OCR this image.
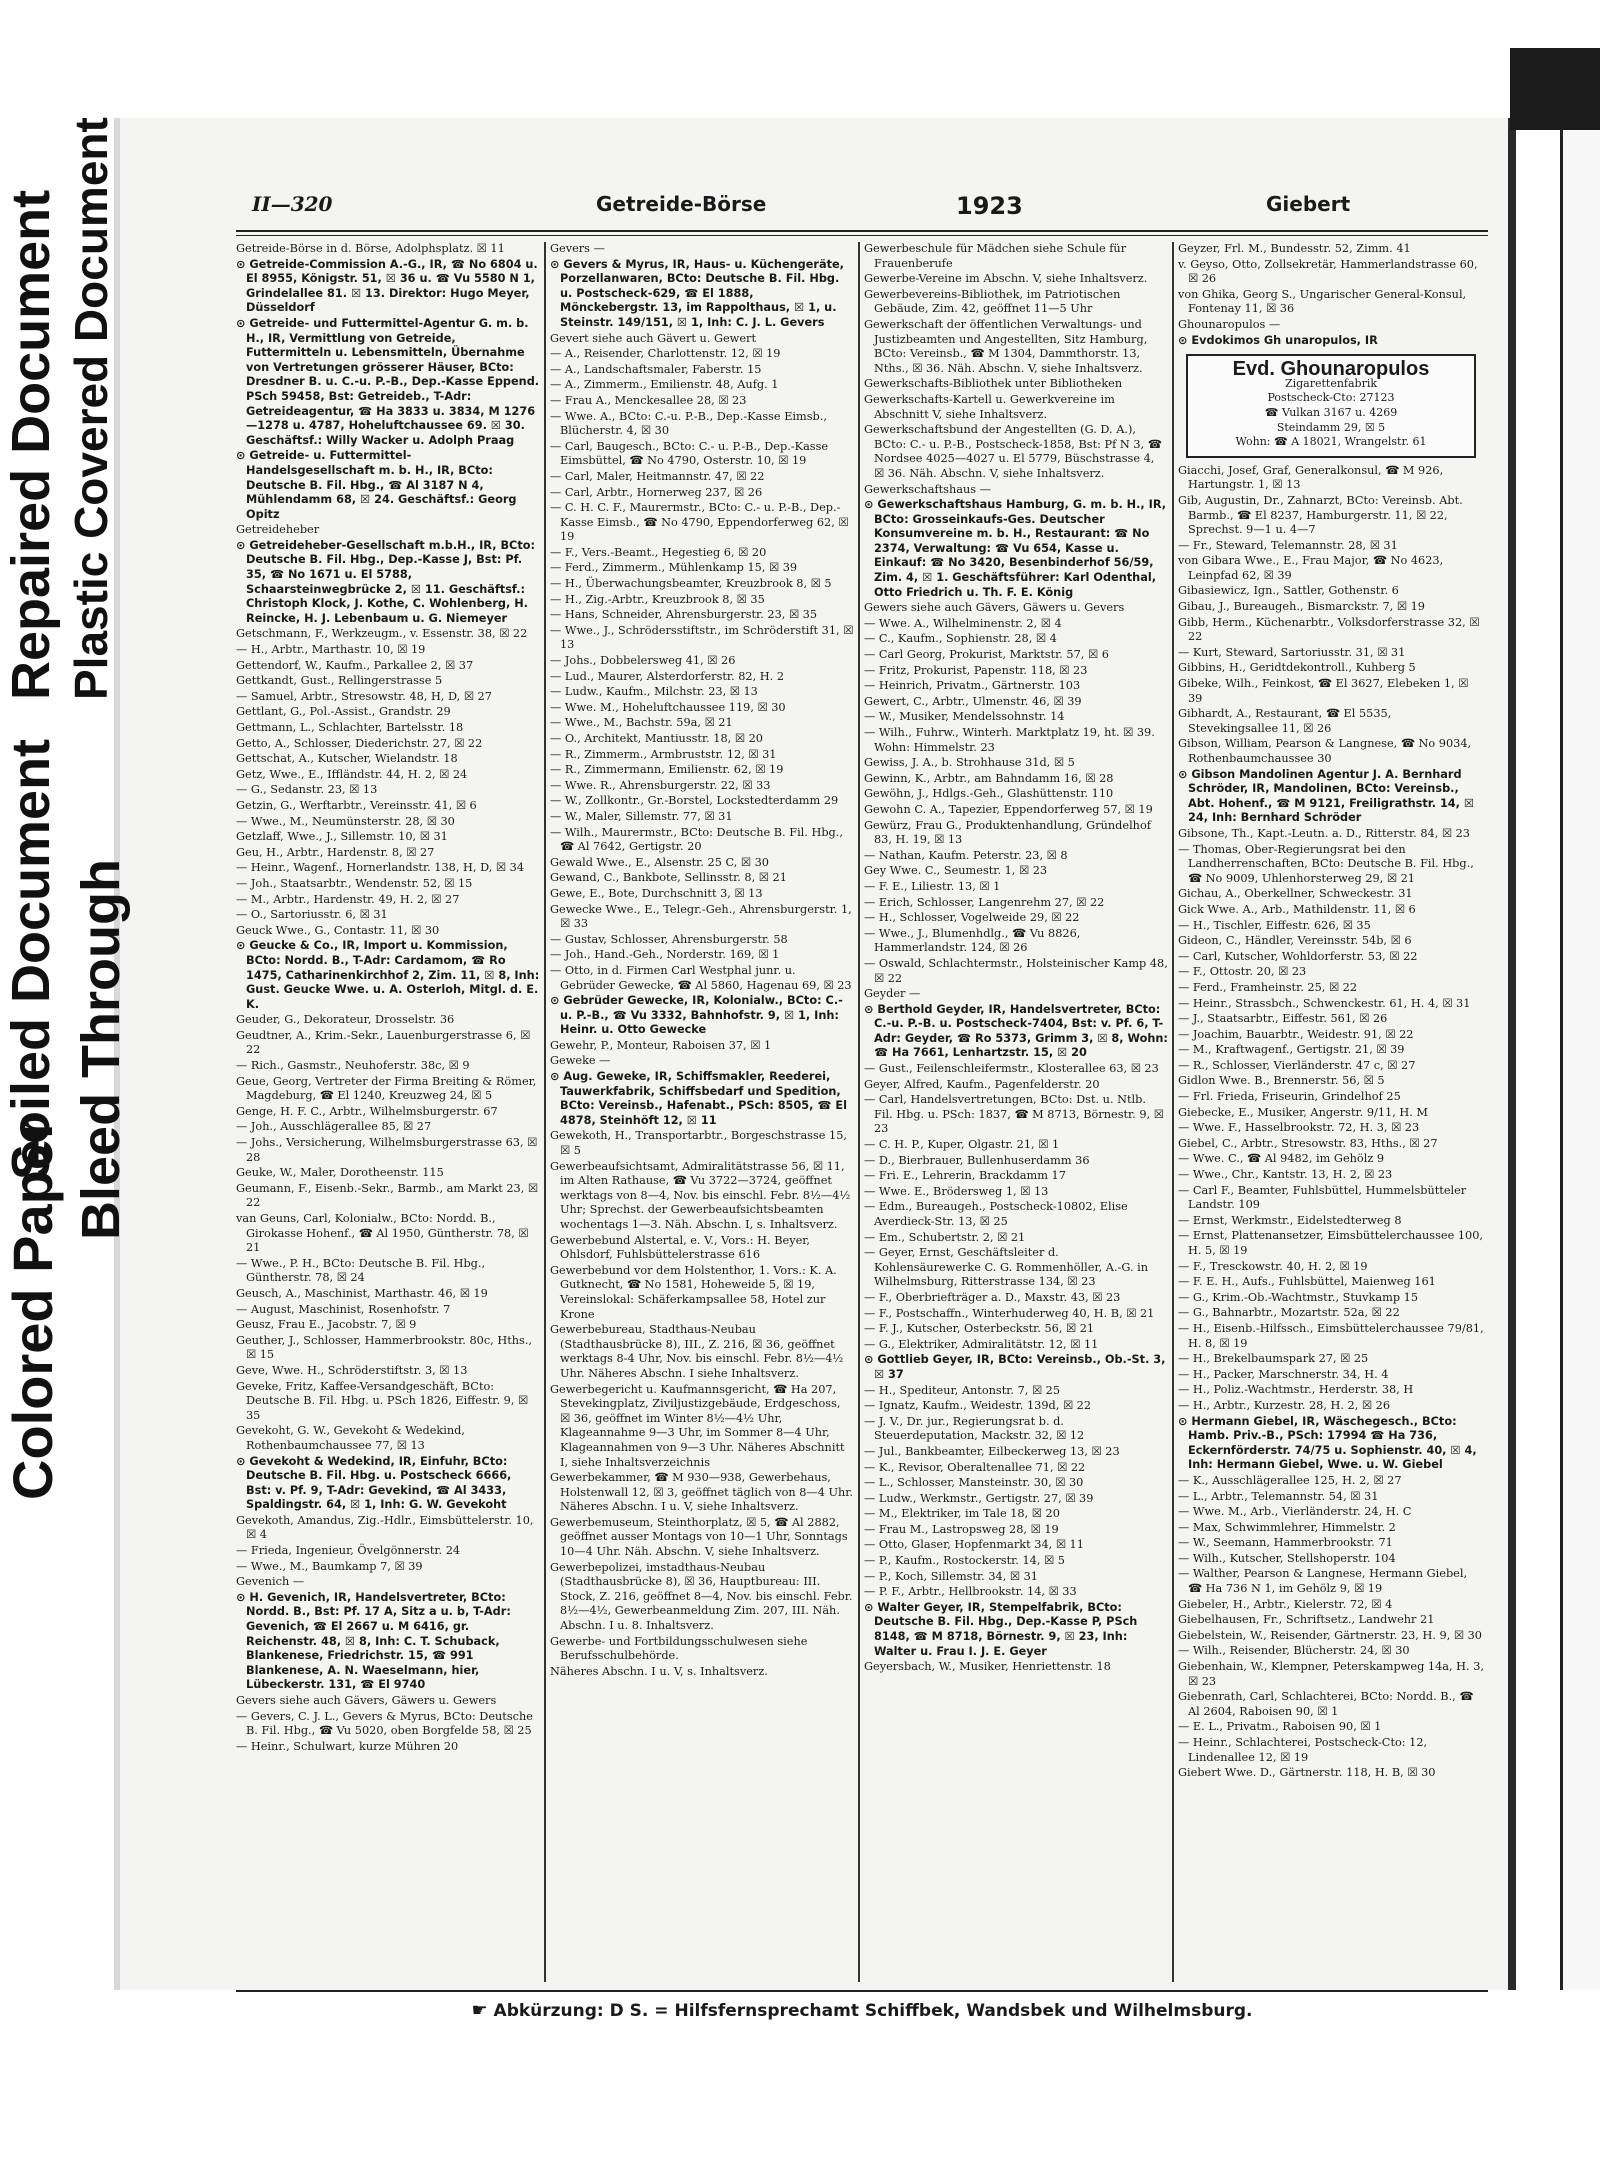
Repaired Document Plastic Covered Document
Colored Paper
Bleed Through
Soiled Document
II—320	Getreide-Börse	1923	Giebert

Getreide-Börse in d. Börse, Adolphsplatz. ☒ 11

⊙ Getreide-Commission A.-G., IR, ☎ No 6804 u. El 8955, Königstr. 51, ☒ 36 u. ☎ Vu 5580 N 1, Grindelallee 81. ☒ 13. Direktor: Hugo Meyer, Düsseldorf

⊙ Getreide- und Futtermittel-Agentur G. m. b. H., IR, Vermittlung von Getreide, Futtermitteln u. Lebensmitteln, Übernahme von Vertretungen grösserer Häuser, BCto: Dresdner B. u. C.-u. P.-B., Dep.-Kasse Eppend. PSch 59458, Bst: Getreideb., T-Adr: Getreideagentur, ☎ Ha 3833 u. 3834, M 1276—1278 u. 4787, Hoheluftchaussee 69. ☒ 30. Geschäftsf.: Willy Wacker u. Adolph Praag

⊙ Getreide- u. Futtermittel-Handelsgesellschaft m. b. H., IR, BCto: Deutsche B. Fil. Hbg., ☎ Al 3187 N 4, Mühlendamm 68, ☒ 24. Geschäftsf.: Georg Opitz

Getreideheber

⊙ Getreideheber-Gesellschaft m.b.H., IR, BCto: Deutsche B. Fil. Hbg., Dep.-Kasse J, Bst: Pf. 35, ☎ No 1671 u. El 5788, Schaarsteinwegbrücke 2, ☒ 11. Geschäftsf.: Christoph Klock, J. Kothe, C. Wohlenberg, H. Reincke, H. J. Lebenbaum u. G. Niemeyer

Getschmann, F., Werkzeugm., v. Essenstr. 38, ☒ 22

— H., Arbtr., Marthastr. 10, ☒ 19

Gettendorf, W., Kaufm., Parkallee 2, ☒ 37

Gettkandt, Gust., Rellingerstrasse 5

— Samuel, Arbtr., Stresowstr. 48, H, D, ☒ 27

Gettlant, G., Pol.-Assist., Grandstr. 29

Gettmann, L., Schlachter, Bartelsstr. 18

Getto, A., Schlosser, Diederichstr. 27, ☒ 22

Gettschat, A., Kutscher, Wielandstr. 18

Getz, Wwe., E., Iffländstr. 44, H. 2, ☒ 24

— G., Sedanstr. 23, ☒ 13

Getzin, G., Werftarbtr., Vereinsstr. 41, ☒ 6

— Wwe., M., Neumünsterstr. 28, ☒ 30

Getzlaff, Wwe., J., Sillemstr. 10, ☒ 31

Geu, H., Arbtr., Hardenstr. 8, ☒ 27

— Heinr., Wagenf., Hornerlandstr. 138, H, D, ☒ 34

— Joh., Staatsarbtr., Wendenstr. 52, ☒ 15

— M., Arbtr., Hardenstr. 49, H. 2, ☒ 27

— O., Sartoriusstr. 6, ☒ 31

Geuck Wwe., G., Contastr. 11, ☒ 30

⊙ Geucke & Co., IR, Import u. Kommission, BCto: Nordd. B., T-Adr: Cardamom, ☎ Ro 1475, Catharinenkirchhof 2, Zim. 11, ☒ 8, Inh: Gust. Geucke Wwe. u. A. Osterloh, Mitgl. d. E. K.

Geuder, G., Dekorateur, Drosselstr. 36

Geudtner, A., Krim.-Sekr., Lauenburgerstrasse 6, ☒ 22

— Rich., Gasmstr., Neuhoferstr. 38c, ☒ 9

Geue, Georg, Vertreter der Firma Breiting & Römer, Magdeburg, ☎ El 1240, Kreuzweg 24, ☒ 5

Genge, H. F. C., Arbtr., Wilhelmsburgerstr. 67

— Joh., Ausschlägerallee 85, ☒ 27

— Johs., Versicherung, Wilhelmsburgerstrasse 63, ☒ 28

Geuke, W., Maler, Dorotheenstr. 115

Geumann, F., Eisenb.-Sekr., Barmb., am Markt 23, ☒ 22

van Geuns, Carl, Kolonialw., BCto: Nordd. B., Girokasse Hohenf., ☎ Al 1950, Güntherstr. 78, ☒ 21

— Wwe., P. H., BCto: Deutsche B. Fil. Hbg., Güntherstr. 78, ☒ 24

Geusch, A., Maschinist, Marthastr. 46, ☒ 19

— August, Maschinist, Rosenhofstr. 7

Geusz, Frau E., Jacobstr. 7, ☒ 9

Geuther, J., Schlosser, Hammerbrookstr. 80c, Hths., ☒ 15

Geve, Wwe. H., Schröderstiftstr. 3, ☒ 13

Geveke, Fritz, Kaffee-Versandgeschäft, BCto: Deutsche B. Fil. Hbg. u. PSch 1826, Eiffestr. 9, ☒ 35

Gevekoht, G. W., Gevekoht & Wedekind, Rothenbaumchaussee 77, ☒ 13

⊙ Gevekoht & Wedekind, IR, Einfuhr, BCto: Deutsche B. Fil. Hbg. u. Postscheck 6666, Bst: v. Pf. 9, T-Adr: Gevekind, ☎ Al 3433, Spaldingstr. 64, ☒ 1, Inh: G. W. Gevekoht

Gevekoth, Amandus, Zig.-Hdlr., Eimsbüttelerstr. 10, ☒ 4

— Frieda, Ingenieur, Övelgönnerstr. 24

— Wwe., M., Baumkamp 7, ☒ 39

Gevenich —

⊙ H. Gevenich, IR, Handelsvertreter, BCto: Nordd. B., Bst: Pf. 17 A, Sitz a u. b, T-Adr: Gevenich, ☎ El 2667 u. M 6416, gr. Reichenstr. 48, ☒ 8, Inh: C. T. Schuback, Blankenese, Friedrichstr. 15, ☎ 991 Blankenese, A. N. Waeselmann, hier, Lübeckerstr. 131, ☎ El 9740

Gevers siehe auch Gävers, Gäwers u. Gewers

— Gevers, C. J. L., Gevers & Myrus, BCto: Deutsche B. Fil. Hbg., ☎ Vu 5020, oben Borgfelde 58, ☒ 25

— Heinr., Schulwart, kurze Mühren 20

Gevers —

⊙ Gevers & Myrus, IR, Haus- u. Küchengeräte, Porzellanwaren, BCto: Deutsche B. Fil. Hbg. u. Postscheck-629, ☎ El 1888, Mönckebergstr. 13, im Rappolthaus, ☒ 1, u. Steinstr. 149/151, ☒ 1, Inh: C. J. L. Gevers

Gevert siehe auch Gävert u. Gewert

— A., Reisender, Charlottenstr. 12, ☒ 19

— A., Landschaftsmaler, Faberstr. 15

— A., Zimmerm., Emilienstr. 48, Aufg. 1

— Frau A., Menckesallee 28, ☒ 23

— Wwe. A., BCto: C.-u. P.-B., Dep.-Kasse Eimsb., Blücherstr. 4, ☒ 30

— Carl, Baugesch., BCto: C.- u. P.-B., Dep.-Kasse Eimsbüttel, ☎ No 4790, Osterstr. 10, ☒ 19

— Carl, Maler, Heitmannstr. 47, ☒ 22

— Carl, Arbtr., Hornerweg 237, ☒ 26

— C. H. C. F., Maurermstr., BCto: C.- u. P.-B., Dep.-Kasse Eimsb., ☎ No 4790, Eppendorferweg 62, ☒ 19

— F., Vers.-Beamt., Hegestieg 6, ☒ 20

— Ferd., Zimmerm., Mühlenkamp 15, ☒ 39

— H., Überwachungsbeamter, Kreuzbrook 8, ☒ 5

— H., Zig.-Arbtr., Kreuzbrook 8, ☒ 35

— Hans, Schneider, Ahrensburgerstr. 23, ☒ 35

— Wwe., J., Schrödersstiftstr., im Schröderstift 31, ☒ 13

— Johs., Dobbelersweg 41, ☒ 26

— Lud., Maurer, Alsterdorferstr. 82, H. 2

— Ludw., Kaufm., Milchstr. 23, ☒ 13

— Wwe. M., Hoheluftchaussee 119, ☒ 30

— Wwe., M., Bachstr. 59a, ☒ 21

— O., Architekt, Mantiusstr. 18, ☒ 20

— R., Zimmerm., Armbruststr. 12, ☒ 31

— R., Zimmermann, Emilienstr. 62, ☒ 19

— Wwe. R., Ahrensburgerstr. 22, ☒ 33

— W., Zollkontr., Gr.-Borstel, Lockstedterdamm 29

— W., Maler, Sillemstr. 77, ☒ 31

— Wilh., Maurermstr., BCto: Deutsche B. Fil. Hbg., ☎ Al 7642, Gertigstr. 20

Gewald Wwe., E., Alsenstr. 25 C, ☒ 30

Gewand, C., Bankbote, Sellinsstr. 8, ☒ 21

Gewe, E., Bote, Durchschnitt 3, ☒ 13

Gewecke Wwe., E., Telegr.-Geh., Ahrensburgerstr. 1, ☒ 33

— Gustav, Schlosser, Ahrensburgerstr. 58

— Joh., Hand.-Geh., Norderstr. 169, ☒ 1

— Otto, in d. Firmen Carl Westphal junr. u. Gebrüder Gewecke, ☎ Al 5860, Hagenau 69, ☒ 23

⊙ Gebrüder Gewecke, IR, Kolonialw., BCto: C.- u. P.-B., ☎ Vu 3332, Bahnhofstr. 9, ☒ 1, Inh: Heinr. u. Otto Gewecke

Gewehr, P., Monteur, Raboisen 37, ☒ 1

Geweke —

⊙ Aug. Geweke, IR, Schiffsmakler, Reederei, Tauwerkfabrik, Schiffsbedarf und Spedition, BCto: Vereinsb., Hafenabt., PSch: 8505, ☎ El 4878, Steinhöft 12, ☒ 11

Gewekoth, H., Transportarbtr., Borgeschstrasse 15, ☒ 5

Gewerbeaufsichtsamt, Admiralitätstrasse 56, ☒ 11, im Alten Rathause, ☎ Vu 3722—3724, geöffnet werktags von 8—4, Nov. bis einschl. Febr. 8½—4½ Uhr; Sprechst. der Gewerbeaufsichtsbeamten wochentags 1—3. Näh. Abschn. I, s. Inhaltsverz.

Gewerbebund Alstertal, e. V., Vors.: H. Beyer, Ohlsdorf, Fuhlsbüttelerstrasse 616

Gewerbebund vor dem Holstenthor, 1. Vors.: K. A. Gutknecht, ☎ No 1581, Hoheweide 5, ☒ 19, Vereinslokal: Schäferkampsallee 58, Hotel zur Krone

Gewerbebureau, Stadthaus-Neubau (Stadthausbrücke 8), III., Z. 216, ☒ 36, geöffnet werktags 8-4 Uhr, Nov. bis einschl. Febr. 8½—4½ Uhr. Näheres Abschn. I siehe Inhaltsverz.

Gewerbegericht u. Kaufmannsgericht, ☎ Ha 207, Stevekingplatz, Ziviljustizgebäude, Erdgeschoss, ☒ 36, geöffnet im Winter 8½—4½ Uhr, Klageannahme 9—3 Uhr, im Sommer 8—4 Uhr, Klageannahmen von 9—3 Uhr. Näheres Abschnitt I, siehe Inhaltsverzeichnis

Gewerbekammer, ☎ M 930—938, Gewerbehaus, Holstenwall 12, ☒ 3, geöffnet täglich von 8—4 Uhr. Näheres Abschn. I u. V, siehe Inhaltsverz.

Gewerbemuseum, Steinthorplatz, ☒ 5, ☎ Al 2882, geöffnet ausser Montags von 10—1 Uhr, Sonntags 10—4 Uhr. Näh. Abschn. V, siehe Inhaltsverz.

Gewerbepolizei, imstadthaus-Neubau (Stadthausbrücke 8), ☒ 36, Hauptbureau: III. Stock, Z. 216, geöffnet 8—4, Nov. bis einschl. Febr. 8½—4½, Gewerbeanmeldung Zim. 207, III. Näh. Abschn. I u. 8. Inhaltsverz.

Gewerbe- und Fortbildungsschulwesen siehe Berufsschulbehörde.

Näheres Abschn. I u. V, s. Inhaltsverz.

Gewerbeschule für Mädchen siehe Schule für Frauenberufe

Gewerbe-Vereine im Abschn. V, siehe Inhaltsverz.

Gewerbevereins-Bibliothek, im Patriotischen Gebäude, Zim. 42, geöffnet 11—5 Uhr

Gewerkschaft der öffentlichen Verwaltungs- und Justizbeamten und Angestellten, Sitz Hamburg, BCto: Vereinsb., ☎ M 1304, Dammthorstr. 13, Nths., ☒ 36. Näh. Abschn. V, siehe Inhaltsverz.

Gewerkschafts-Bibliothek unter Bibliotheken

Gewerkschafts-Kartell u. Gewerkvereine im Abschnitt V, siehe Inhaltsverz.

Gewerkschaftsbund der Angestellten (G. D. A.), BCto: C.- u. P.-B., Postscheck-1858, Bst: Pf N 3, ☎ Nordsee 4025—4027 u. El 5779, Büschstrasse 4, ☒ 36. Näh. Abschn. V, siehe Inhaltsverz.

Gewerkschaftshaus —

⊙ Gewerkschaftshaus Hamburg, G. m. b. H., IR, BCto: Grosseinkaufs-Ges. Deutscher Konsumvereine m. b. H., Restaurant: ☎ No 2374, Verwaltung: ☎ Vu 654, Kasse u. Einkauf: ☎ No 3420, Besenbinderhof 56/59, Zim. 4, ☒ 1. Geschäftsführer: Karl Odenthal, Otto Friedrich u. Th. F. E. König

Gewers siehe auch Gävers, Gäwers u. Gevers

— Wwe. A., Wilhelminenstr. 2, ☒ 4

— C., Kaufm., Sophienstr. 28, ☒ 4

— Carl Georg, Prokurist, Marktstr. 57, ☒ 6

— Fritz, Prokurist, Papenstr. 118, ☒ 23

— Heinrich, Privatm., Gärtnerstr. 103

Gewert, C., Arbtr., Ulmenstr. 46, ☒ 39

— W., Musiker, Mendelssohnstr. 14

— Wilh., Fuhrw., Winterh. Marktplatz 19, ht. ☒ 39. Wohn: Himmelstr. 23

Gewiss, J. A., b. Strohhause 31d, ☒ 5

Gewinn, K., Arbtr., am Bahndamm 16, ☒ 28

Gewöhn, J., Hdlgs.-Geh., Glashüttenstr. 110

Gewohn C. A., Tapezier, Eppendorferweg 57, ☒ 19

Gewürz, Frau G., Produktenhandlung, Gründelhof 83, H. 19, ☒ 13

— Nathan, Kaufm. Peterstr. 23, ☒ 8

Gey Wwe. C., Seumestr. 1, ☒ 23

— F. E., Liliestr. 13, ☒ 1

— Erich, Schlosser, Langenrehm 27, ☒ 22

— H., Schlosser, Vogelweide 29, ☒ 22

— Wwe., J., Blumenhdlg., ☎ Vu 8826, Hammerlandstr. 124, ☒ 26

— Oswald, Schlachtermstr., Holsteinischer Kamp 48, ☒ 22

Geyder —

⊙ Berthold Geyder, IR, Handelsvertreter, BCto: C.-u. P.-B. u. Postscheck-7404, Bst: v. Pf. 6, T-Adr: Geyder, ☎ Ro 5373, Grimm 3, ☒ 8, Wohn: ☎ Ha 7661, Lenhartzstr. 15, ☒ 20

— Gust., Feilenschleifermstr., Klosterallee 63, ☒ 23

Geyer, Alfred, Kaufm., Pagenfelderstr. 20

— Carl, Handelsvertretungen, BCto: Dst. u. Ntlb. Fil. Hbg. u. PSch: 1837, ☎ M 8713, Börnestr. 9, ☒ 23

— C. H. P., Kuper, Olgastr. 21, ☒ 1

— D., Bierbrauer, Bullenhuserdamm 36

— Fri. E., Lehrerin, Brackdamm 17

— Wwe. E., Brödersweg 1, ☒ 13

— Edm., Bureaugeh., Postscheck-10802, Elise Averdieck-Str. 13, ☒ 25

— Em., Schubertstr. 2, ☒ 21

— Geyer, Ernst, Geschäftsleiter d. Kohlensäurewerke C. G. Rommenhöller, A.-G. in Wilhelmsburg, Ritterstrasse 134, ☒ 23

— F., Oberbriefträger a. D., Maxstr. 43, ☒ 23

— F., Postschaffn., Winterhuderweg 40, H. B, ☒ 21

— F. J., Kutscher, Osterbeckstr. 56, ☒ 21

— G., Elektriker, Admiralitätstr. 12, ☒ 11

⊙ Gottlieb Geyer, IR, BCto: Vereinsb., Ob.-St. 3, ☒ 37

— H., Spediteur, Antonstr. 7, ☒ 25

— Ignatz, Kaufm., Weidestr. 139d, ☒ 22

— J. V., Dr. jur., Regierungsrat b. d. Steuerdeputation, Mackstr. 32, ☒ 12

— Jul., Bankbeamter, Eilbeckerweg 13, ☒ 23

— K., Revisor, Oberaltenallee 71, ☒ 22

— L., Schlosser, Mansteinstr. 30, ☒ 30

— Ludw., Werkmstr., Gertigstr. 27, ☒ 39

— M., Elektriker, im Tale 18, ☒ 20

— Frau M., Lastropsweg 28, ☒ 19

— Otto, Glaser, Hopfenmarkt 34, ☒ 11

— P., Kaufm., Rostockerstr. 14, ☒ 5

— P., Koch, Sillemstr. 34, ☒ 31

— P. F., Arbtr., Hellbrookstr. 14, ☒ 33

⊙ Walter Geyer, IR, Stempelfabrik, BCto: Deutsche B. Fil. Hbg., Dep.-Kasse P, PSch 8148, ☎ M 8718, Börnestr. 9, ☒ 23, Inh: Walter u. Frau I. J. E. Geyer

Geyersbach, W., Musiker, Henriettenstr. 18

Geyzer, Frl. M., Bundesstr. 52, Zimm. 41

v. Geyso, Otto, Zollsekretär, Hammerlandstrasse 60, ☒ 26

von Ghika, Georg S., Ungarischer General-Konsul, Fontenay 11, ☒ 36

Ghounaropulos —

⊙ Evdokimos Gh unaropulos, IR

Evd. Ghounaropulos
Zigarettenfabrik
Postscheck-Cto: 27123
☎ Vulkan 3167 u. 4269
Steindamm 29, ☒ 5
Wohn: ☎ A 18021, Wrangelstr. 61

Giacchi, Josef, Graf, Generalkonsul, ☎ M 926, Hartungstr. 1, ☒ 13

Gib, Augustin, Dr., Zahnarzt, BCto: Vereinsb. Abt. Barmb., ☎ El 8237, Hamburgerstr. 11, ☒ 22, Sprechst. 9—1 u. 4—7

— Fr., Steward, Telemannstr. 28, ☒ 31

von Gibara Wwe., E., Frau Major, ☎ No 4623, Leinpfad 62, ☒ 39

Gibasiewicz, Ign., Sattler, Gothenstr. 6

Gibau, J., Bureaugeh., Bismarckstr. 7, ☒ 19

Gibb, Herm., Küchenarbtr., Volksdorferstrasse 32, ☒ 22

— Kurt, Steward, Sartoriusstr. 31, ☒ 31

Gibbins, H., Geridtdekontroll., Kuhberg 5

Gibeke, Wilh., Feinkost, ☎ El 3627, Elebeken 1, ☒ 39

Gibhardt, A., Restaurant, ☎ El 5535, Stevekingsallee 11, ☒ 26

Gibson, William, Pearson & Langnese, ☎ No 9034, Rothenbaumchaussee 30

⊙ Gibson Mandolinen Agentur J. A. Bernhard Schröder, IR, Mandolinen, BCto: Vereinsb., Abt. Hohenf., ☎ M 9121, Freiligrathstr. 14, ☒ 24, Inh: Bernhard Schröder

Gibsone, Th., Kapt.-Leutn. a. D., Ritterstr. 84, ☒ 23

— Thomas, Ober-Regierungsrat bei den Landherrenschaften, BCto: Deutsche B. Fil. Hbg., ☎ No 9009, Uhlenhorsterweg 29, ☒ 21

Gichau, A., Oberkellner, Schweckestr. 31

Gick Wwe. A., Arb., Mathildenstr. 11, ☒ 6

— H., Tischler, Eiffestr. 626, ☒ 35

Gideon, C., Händler, Vereinsstr. 54b, ☒ 6

— Carl, Kutscher, Wohldorferstr. 53, ☒ 22

— F., Ottostr. 20, ☒ 23

— Ferd., Framheinstr. 25, ☒ 22

— Heinr., Strassbch., Schwenckestr. 61, H. 4, ☒ 31

— J., Staatsarbtr., Eiffestr. 561, ☒ 26

— Joachim, Bauarbtr., Weidestr. 91, ☒ 22

— M., Kraftwagenf., Gertigstr. 21, ☒ 39

— R., Schlosser, Vierländerstr. 47 c, ☒ 27

Gidlon Wwe. B., Brennerstr. 56, ☒ 5

— Frl. Frieda, Friseurin, Grindelhof 25

Giebecke, E., Musiker, Angerstr. 9/11, H. M

— Wwe. F., Hasselbrookstr. 72, H. 3, ☒ 23

Giebel, C., Arbtr., Stresowstr. 83, Hths., ☒ 27

— Wwe. C., ☎ Al 9482, im Gehölz 9

— Wwe., Chr., Kantstr. 13, H. 2, ☒ 23

— Carl F., Beamter, Fuhlsbüttel, Hummelsbütteler Landstr. 109

— Ernst, Werkmstr., Eidelstedterweg 8

— Ernst, Plattenansetzer, Eimsbüttelerchaussee 100, H. 5, ☒ 19

— F., Tresckowstr. 40, H. 2, ☒ 19

— F. E. H., Aufs., Fuhlsbüttel, Maienweg 161

— G., Krim.-Ob.-Wachtmstr., Stuvkamp 15

— G., Bahnarbtr., Mozartstr. 52a, ☒ 22

— H., Eisenb.-Hilfssch., Eimsbüttelerchaussee 79/81, H. 8, ☒ 19

— H., Brekelbaumspark 27, ☒ 25

— H., Packer, Marschnerstr. 34, H. 4

— H., Poliz.-Wachtmstr., Herderstr. 38, H

— H., Arbtr., Kurzestr. 28, H. 2, ☒ 26

⊙ Hermann Giebel, IR, Wäschegesch., BCto: Hamb. Priv.-B., PSch: 17994 ☎ Ha 736, Eckernförderstr. 74/75 u. Sophienstr. 40, ☒ 4, Inh: Hermann Giebel, Wwe. u. W. Giebel

— K., Ausschlägerallee 125, H. 2, ☒ 27

— L., Arbtr., Telemannstr. 54, ☒ 31

— Wwe. M., Arb., Vierländerstr. 24, H. C

— Max, Schwimmlehrer, Himmelstr. 2

— W., Seemann, Hammerbrookstr. 71

— Wilh., Kutscher, Stellshoperstr. 104

— Walther, Pearson & Langnese, Hermann Giebel, ☎ Ha 736 N 1, im Gehölz 9, ☒ 19

Giebeler, H., Arbtr., Kielerstr. 72, ☒ 4

Giebelhausen, Fr., Schriftsetz., Landwehr 21

Giebelstein, W., Reisender, Gärtnerstr. 23, H. 9, ☒ 30

— Wilh., Reisender, Blücherstr. 24, ☒ 30

Giebenhain, W., Klempner, Peterskampweg 14a, H. 3, ☒ 23

Giebenrath, Carl, Schlachterei, BCto: Nordd. B., ☎ Al 2604, Raboisen 90, ☒ 1

— E. L., Privatm., Raboisen 90, ☒ 1

— Heinr., Schlachterei, Postscheck-Cto: 12, Lindenallee 12, ☒ 19

Giebert Wwe. D., Gärtnerstr. 118, H. B, ☒ 30

☛ Abkürzung: D S. = Hilfsfernsprechamt Schiffbek, Wandsbek und Wilhelmsburg.
